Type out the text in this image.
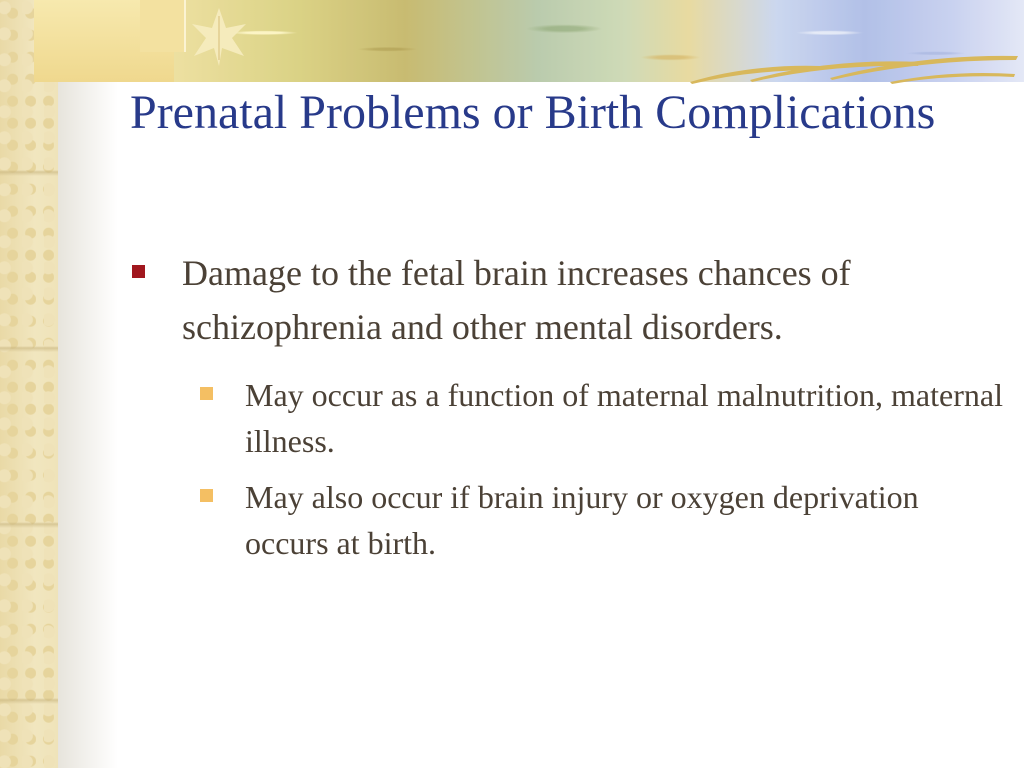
Prenatal Problems or Birth Complications
Damage to the fetal brain increases chances of schizophrenia and other mental disorders.
May occur as a function of maternal malnutrition, maternal illness.
May also occur if brain injury or oxygen deprivation occurs at birth.
